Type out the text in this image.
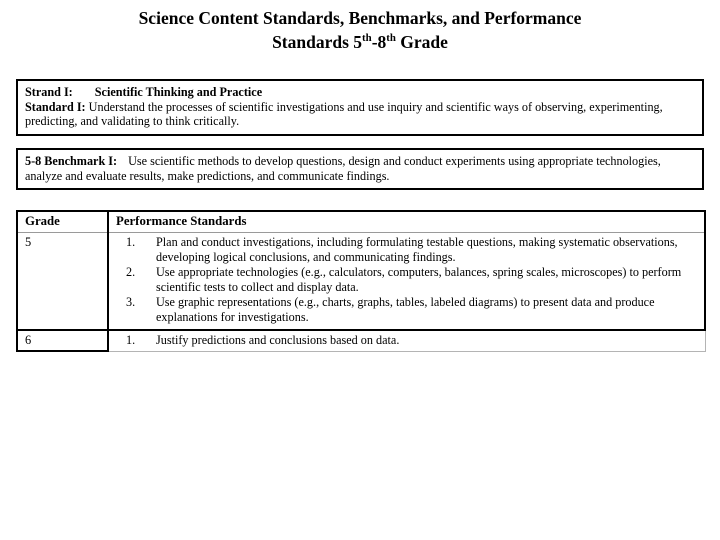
Science Content Standards, Benchmarks, and Performance
Standards 5th-8th Grade

Strand I: Scientific Thinking and Practice

Standard I: Understand the processes of scientific investigations and use inquiry and scientific ways of observing, experimenting, predicting, and validating to think critically.

5-8 Benchmark I: Use scientific methods to develop questions, design and conduct experiments using appropriate technologies, analyze and evaluate results, make predictions, and communicate findings.

Grade	Performance Standards
5	1.	Plan and conduct investigations, including formulating testable questions, making systematic observations, developing logical conclusions, and communicating findings.
2.	Use appropriate technologies (e.g., calculators, computers, balances, spring scales, microscopes) to perform scientific tests to collect and display data.
3.	Use graphic representations (e.g., charts, graphs, tables, labeled diagrams) to present data and produce explanations for investigations.

6	1.	Justify predictions and conclusions based on data.
